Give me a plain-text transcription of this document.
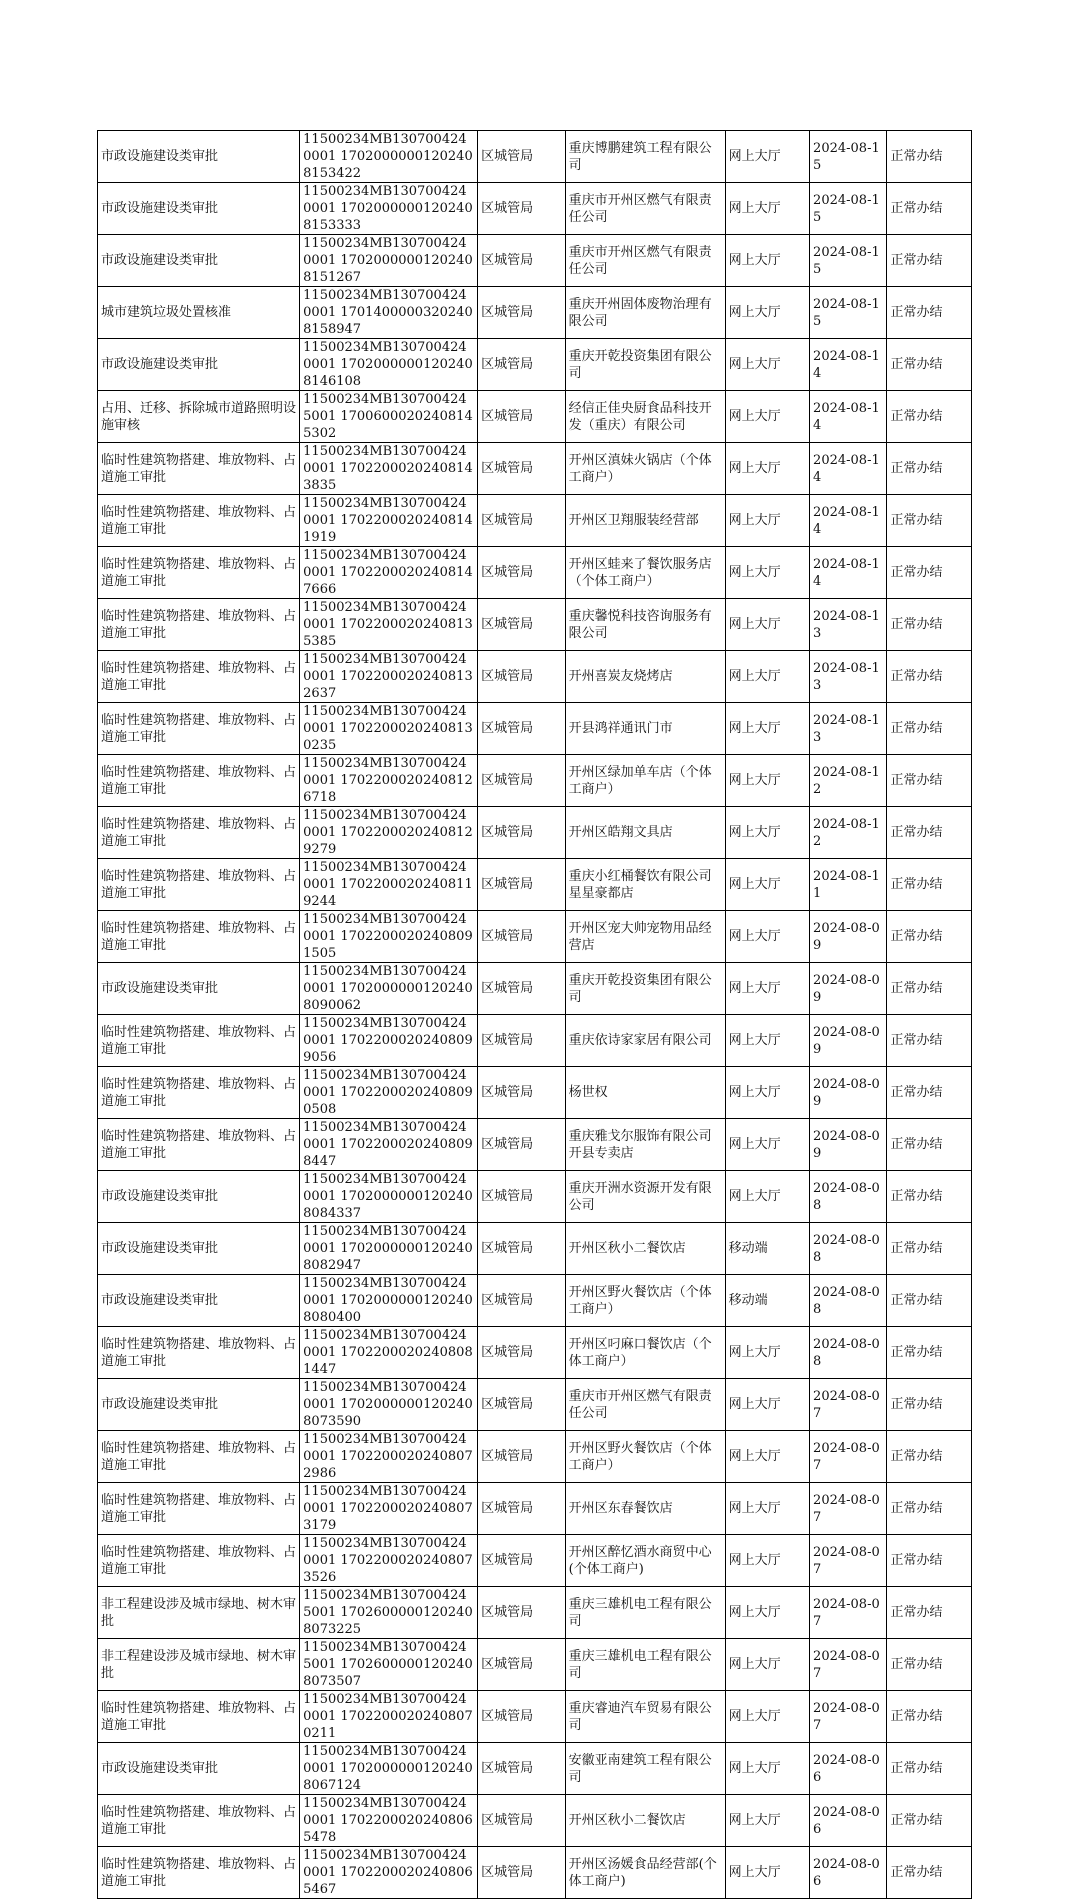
市政设施建设类审批	11500234MB1307004240001 17020000001202408153422	区城管局	重庆博鹏建筑工程有限公司	网上大厅	2024-08-15	正常办结
市政设施建设类审批	11500234MB1307004240001 17020000001202408153333	区城管局	重庆市开州区燃气有限责任公司	网上大厅	2024-08-15	正常办结
市政设施建设类审批	11500234MB1307004240001 17020000001202408151267	区城管局	重庆市开州区燃气有限责任公司	网上大厅	2024-08-15	正常办结
城市建筑垃圾处置核准	11500234MB1307004240001 17014000003202408158947	区城管局	重庆开州固体废物治理有限公司	网上大厅	2024-08-15	正常办结
市政设施建设类审批	11500234MB1307004240001 17020000001202408146108	区城管局	重庆开乾投资集团有限公司	网上大厅	2024-08-14	正常办结
占用、迁移、拆除城市道路照明设施审核	11500234MB1307004245001 17006000202408145302	区城管局	经信正佳央厨食品科技开发（重庆）有限公司	网上大厅	2024-08-14	正常办结
临时性建筑物搭建、堆放物料、占道施工审批	11500234MB1307004240001 17022000202408143835	区城管局	开州区滇妹火锅店（个体工商户）	网上大厅	2024-08-14	正常办结
临时性建筑物搭建、堆放物料、占道施工审批	11500234MB1307004240001 17022000202408141919	区城管局	开州区卫翔服装经营部	网上大厅	2024-08-14	正常办结
临时性建筑物搭建、堆放物料、占道施工审批	11500234MB1307004240001 17022000202408147666	区城管局	开州区蛙来了餐饮服务店（个体工商户）	网上大厅	2024-08-14	正常办结
临时性建筑物搭建、堆放物料、占道施工审批	11500234MB1307004240001 17022000202408135385	区城管局	重庆馨悦科技咨询服务有限公司	网上大厅	2024-08-13	正常办结
临时性建筑物搭建、堆放物料、占道施工审批	11500234MB1307004240001 17022000202408132637	区城管局	开州喜炭友烧烤店	网上大厅	2024-08-13	正常办结
临时性建筑物搭建、堆放物料、占道施工审批	11500234MB1307004240001 17022000202408130235	区城管局	开县鸿祥通讯门市	网上大厅	2024-08-13	正常办结
临时性建筑物搭建、堆放物料、占道施工审批	11500234MB1307004240001 17022000202408126718	区城管局	开州区绿加单车店（个体工商户）	网上大厅	2024-08-12	正常办结
临时性建筑物搭建、堆放物料、占道施工审批	11500234MB1307004240001 17022000202408129279	区城管局	开州区皓翔文具店	网上大厅	2024-08-12	正常办结
临时性建筑物搭建、堆放物料、占道施工审批	11500234MB1307004240001 17022000202408119244	区城管局	重庆小红桶餐饮有限公司星星豪都店	网上大厅	2024-08-11	正常办结
临时性建筑物搭建、堆放物料、占道施工审批	11500234MB1307004240001 17022000202408091505	区城管局	开州区宠大帅宠物用品经营店	网上大厅	2024-08-09	正常办结
市政设施建设类审批	11500234MB1307004240001 17020000001202408090062	区城管局	重庆开乾投资集团有限公司	网上大厅	2024-08-09	正常办结
临时性建筑物搭建、堆放物料、占道施工审批	11500234MB1307004240001 17022000202408099056	区城管局	重庆依诗家家居有限公司	网上大厅	2024-08-09	正常办结
临时性建筑物搭建、堆放物料、占道施工审批	11500234MB1307004240001 17022000202408090508	区城管局	杨世权	网上大厅	2024-08-09	正常办结
临时性建筑物搭建、堆放物料、占道施工审批	11500234MB1307004240001 17022000202408098447	区城管局	重庆雅戈尔服饰有限公司开县专卖店	网上大厅	2024-08-09	正常办结
市政设施建设类审批	11500234MB1307004240001 17020000001202408084337	区城管局	重庆开洲水资源开发有限公司	网上大厅	2024-08-08	正常办结
市政设施建设类审批	11500234MB1307004240001 17020000001202408082947	区城管局	开州区秋小二餐饮店	移动端	2024-08-08	正常办结
市政设施建设类审批	11500234MB1307004240001 17020000001202408080400	区城管局	开州区野火餐饮店（个体工商户）	移动端	2024-08-08	正常办结
临时性建筑物搭建、堆放物料、占道施工审批	11500234MB1307004240001 17022000202408081447	区城管局	开州区叼麻口餐饮店（个体工商户）	网上大厅	2024-08-08	正常办结
市政设施建设类审批	11500234MB1307004240001 17020000001202408073590	区城管局	重庆市开州区燃气有限责任公司	网上大厅	2024-08-07	正常办结
临时性建筑物搭建、堆放物料、占道施工审批	11500234MB1307004240001 17022000202408072986	区城管局	开州区野火餐饮店（个体工商户）	网上大厅	2024-08-07	正常办结
临时性建筑物搭建、堆放物料、占道施工审批	11500234MB1307004240001 17022000202408073179	区城管局	开州区东春餐饮店	网上大厅	2024-08-07	正常办结
临时性建筑物搭建、堆放物料、占道施工审批	11500234MB1307004240001 17022000202408073526	区城管局	开州区醉忆酒水商贸中心(个体工商户)	网上大厅	2024-08-07	正常办结
非工程建设涉及城市绿地、树木审批	11500234MB1307004245001 17026000001202408073225	区城管局	重庆三雄机电工程有限公司	网上大厅	2024-08-07	正常办结
非工程建设涉及城市绿地、树木审批	11500234MB1307004245001 17026000001202408073507	区城管局	重庆三雄机电工程有限公司	网上大厅	2024-08-07	正常办结
临时性建筑物搭建、堆放物料、占道施工审批	11500234MB1307004240001 17022000202408070211	区城管局	重庆睿迪汽车贸易有限公司	网上大厅	2024-08-07	正常办结
市政设施建设类审批	11500234MB1307004240001 17020000001202408067124	区城管局	安徽亚南建筑工程有限公司	网上大厅	2024-08-06	正常办结
临时性建筑物搭建、堆放物料、占道施工审批	11500234MB1307004240001 17022000202408065478	区城管局	开州区秋小二餐饮店	网上大厅	2024-08-06	正常办结
临时性建筑物搭建、堆放物料、占道施工审批	11500234MB1307004240001 17022000202408065467	区城管局	开州区汤媛食品经营部(个体工商户)	网上大厅	2024-08-06	正常办结
